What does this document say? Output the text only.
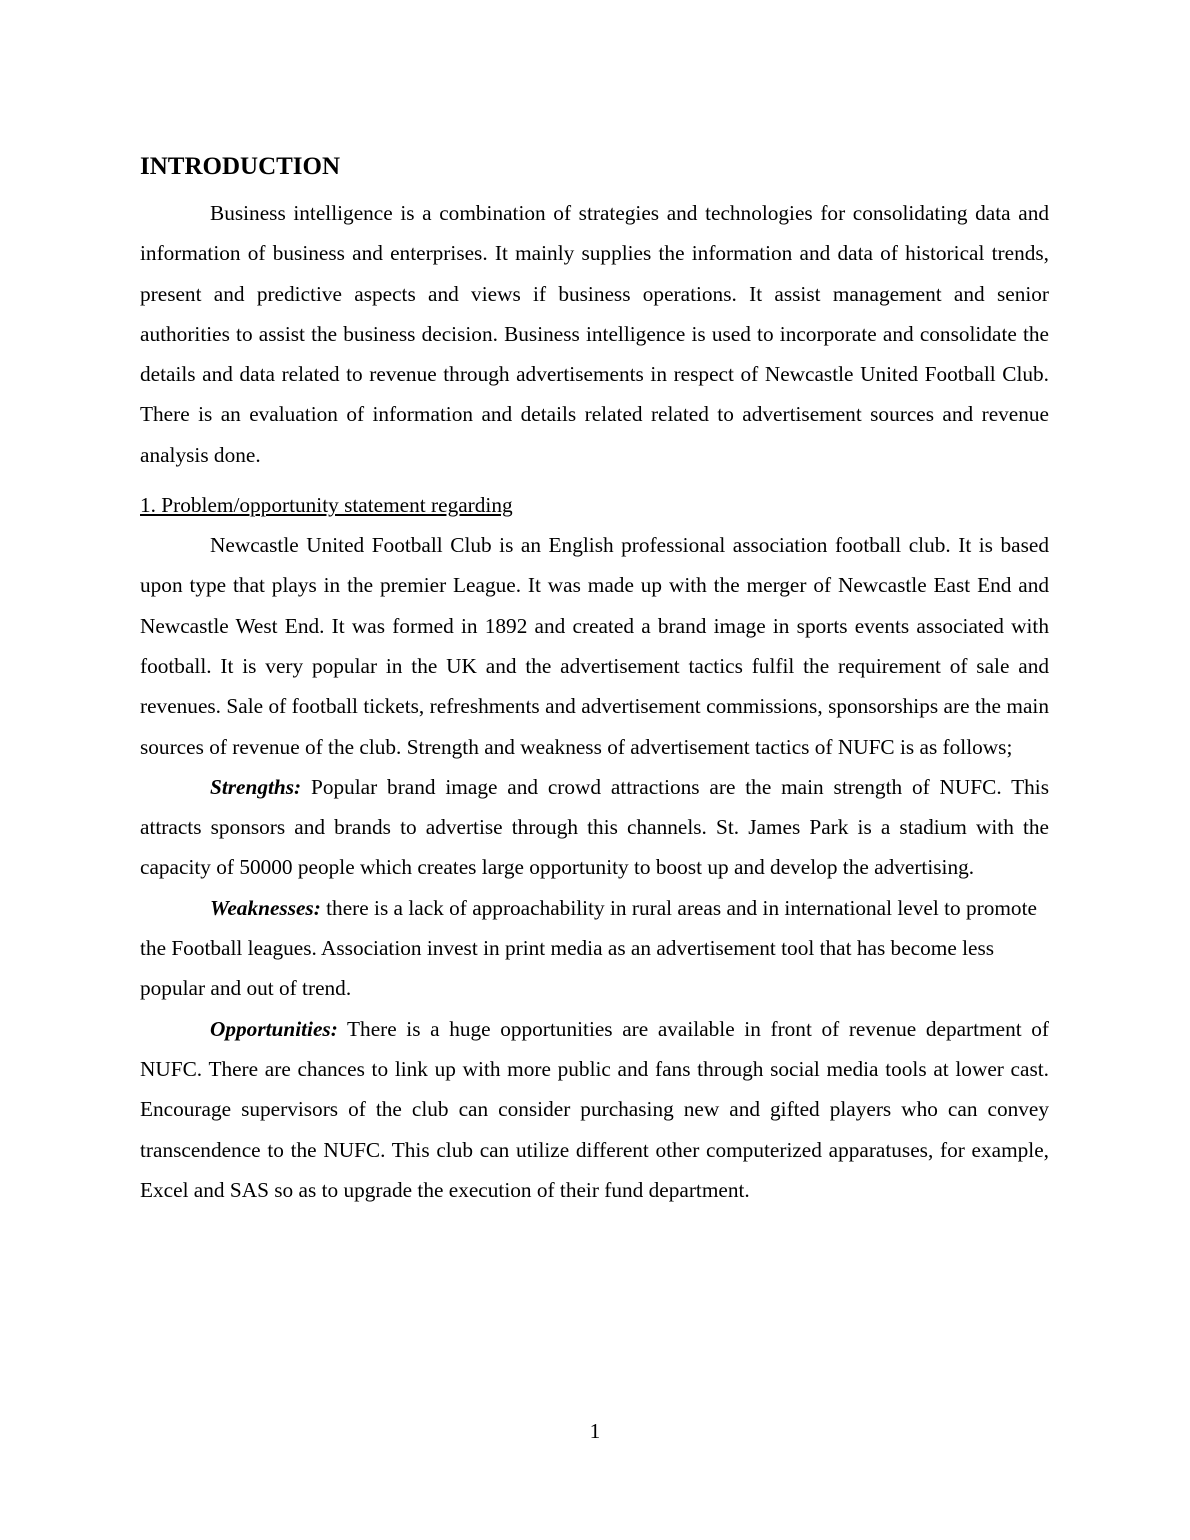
INTRODUCTION

Business intelligence is a combination of strategies and technologies for consolidating data and information of business and enterprises. It mainly supplies the information and data of historical trends, present and predictive aspects and views if business operations. It assist management and senior authorities to assist the business decision. Business intelligence is used to incorporate and consolidate the details and data related to revenue through advertisements in respect of Newcastle United Football Club. There is an evaluation of information and details related related to advertisement sources and revenue analysis done.

1. Problem/opportunity statement regarding

Newcastle United Football Club is an English professional association football club. It is based upon type that plays in the premier League. It was made up with the merger of Newcastle East End and Newcastle West End. It was formed in 1892 and created a brand image in sports events associated with football. It is very popular in the UK and the advertisement tactics fulfil the requirement of sale and revenues. Sale of football tickets, refreshments and advertisement commissions, sponsorships are the main sources of revenue of the club. Strength and weakness of advertisement tactics of NUFC is as follows;

Strengths: Popular brand image and crowd attractions are the main strength of NUFC. This attracts sponsors and brands to advertise through this channels. St. James Park is a stadium with the capacity of 50000 people which creates large opportunity to boost up and develop the advertising.

Weaknesses: there is a lack of approachability in rural areas and in international level to promote the Football leagues. Association invest in print media as an advertisement tool that has become less popular and out of trend.

Opportunities: There is a huge opportunities are available in front of revenue department of NUFC. There are chances to link up with more public and fans through social media tools at lower cast. Encourage supervisors of the club can consider purchasing new and gifted players who can convey transcendence to the NUFC. This club can utilize different other computerized apparatuses, for example, Excel and SAS so as to upgrade the execution of their fund department.

1
